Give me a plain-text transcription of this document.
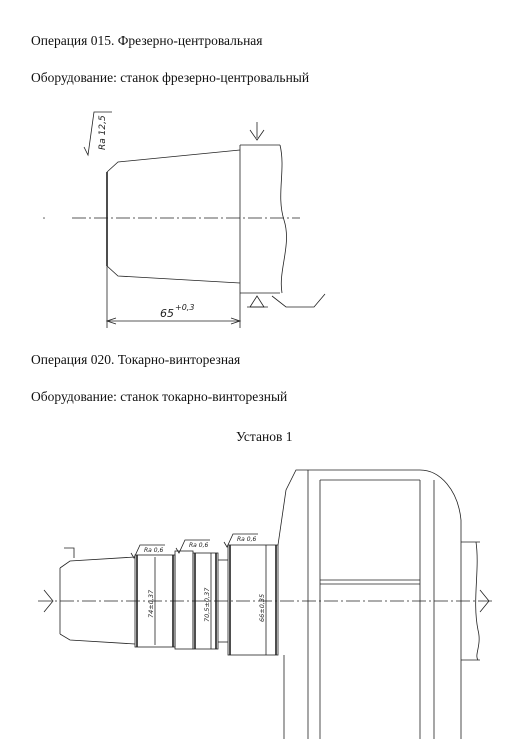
Операция 015. Фрезерно-центровальная
Оборудование: станок фрезерно-центровальный
Ra 12,5
65 +0,3
Операция 020. Токарно-винторезная
Оборудование: станок токарно-винторезный
Установ 1
Ra 0,6
Ra 0,6
Ra 0,6
74±0,37	70,5±0,37	66±0,35
